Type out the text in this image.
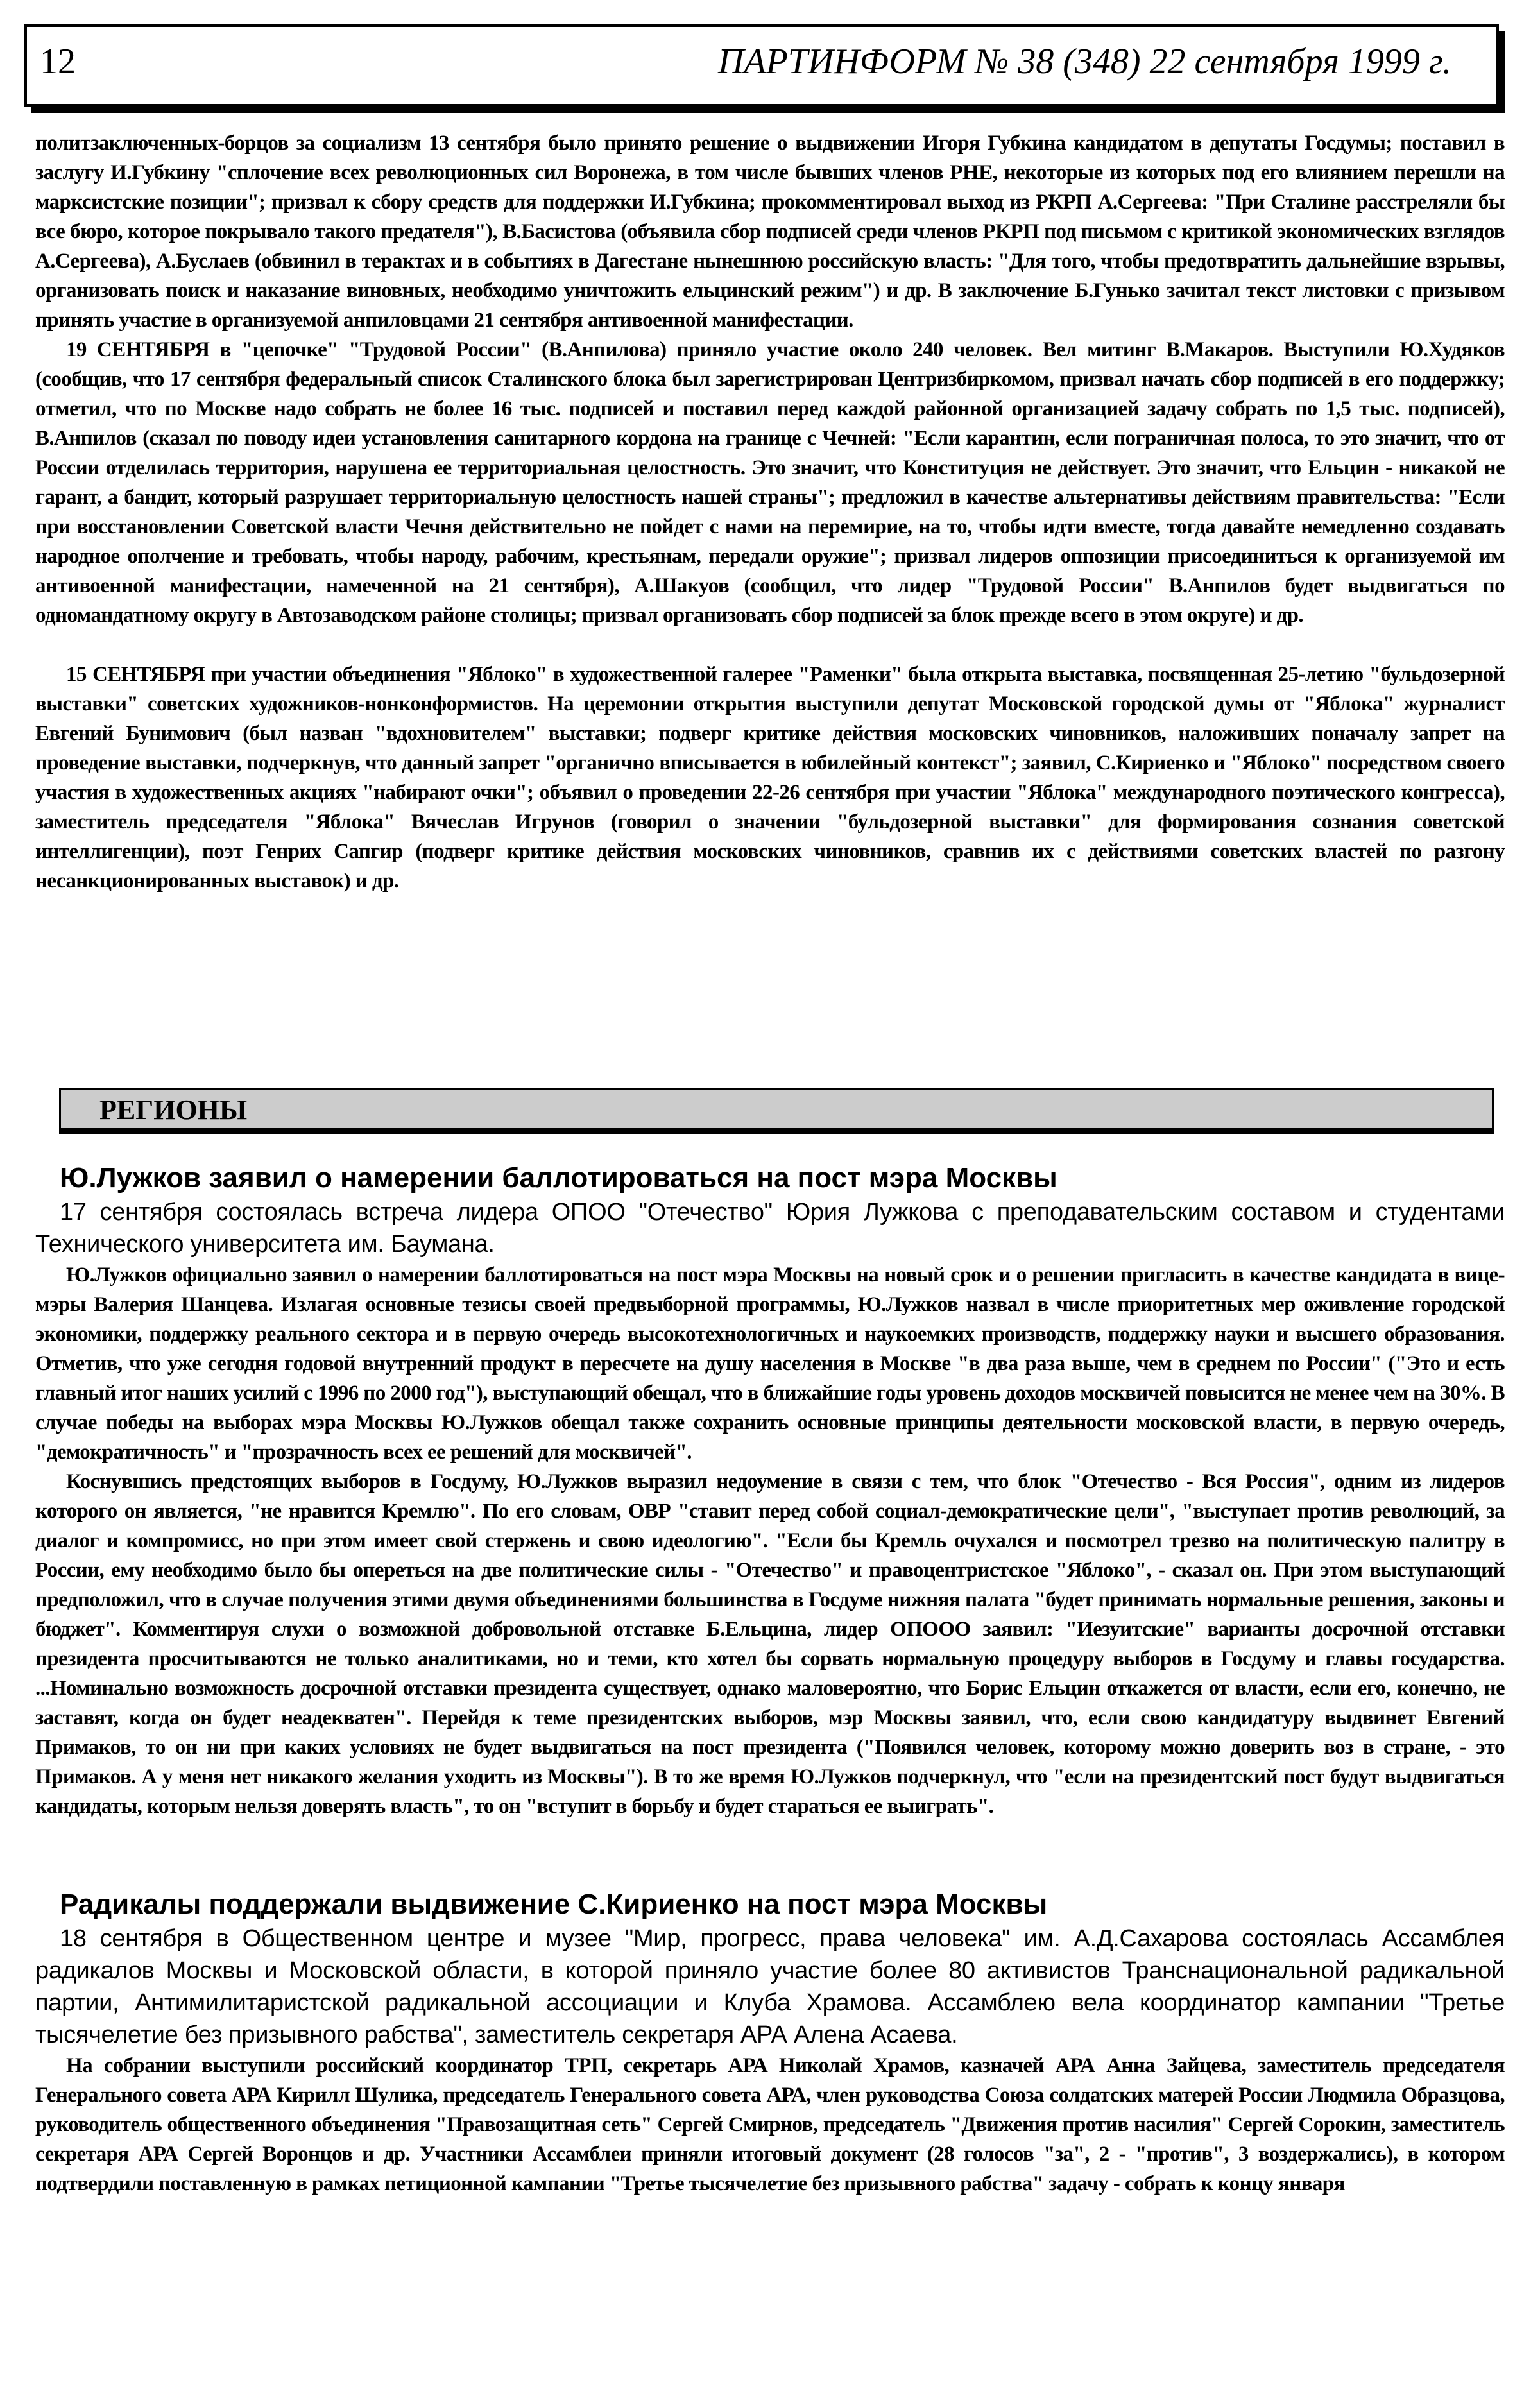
12	ПАРТИНФОРМ № 38 (348) 22 сентября 1999 г.

политзаключенных-борцов за социализм 13 сентября было принято решение о выдвижении Игоря Губкина кандидатом в депутаты Госдумы; поставил в заслугу И.Губкину "сплочение всех революционных сил Воронежа, в том числе бывших членов РНЕ, некоторые из которых под его влиянием перешли на марксистские позиции"; призвал к сбору средств для поддержки И.Губкина; прокомментировал выход из РКРП А.Сергеева: "При Сталине расстреляли бы все бюро, которое покрывало такого предателя"), В.Басистова (объявила сбор подписей среди членов РКРП под письмом с критикой экономических взглядов А.Сергеева), А.Буслаев (обвинил в терактах и в событиях в Дагестане нынешнюю российскую власть: "Для того, чтобы предотвратить дальнейшие взрывы, организовать поиск и наказание виновных, необходимо уничтожить ельцинский режим") и др. В заключение Б.Гунько зачитал текст листовки с призывом принять участие в организуемой анпиловцами 21 сентября антивоенной манифестации.

19 СЕНТЯБРЯ в "цепочке" "Трудовой России" (В.Анпилова) приняло участие около 240 человек. Вел митинг В.Макаров. Выступили Ю.Худяков (сообщив, что 17 сентября федеральный список Сталинского блока был зарегистрирован Центризбиркомом, призвал начать сбор подписей в его поддержку; отметил, что по Москве надо собрать не более 16 тыс. подписей и поставил перед каждой районной организацией задачу собрать по 1,5 тыс. подписей), В.Анпилов (сказал по поводу идеи установления санитарного кордона на границе с Чечней: "Если карантин, если пограничная полоса, то это значит, что от России отделилась территория, нарушена ее территориальная целостность. Это значит, что Конституция не действует. Это значит, что Ельцин - никакой не гарант, а бандит, который разрушает территориальную целостность нашей страны"; предложил в качестве альтернативы действиям правительства: "Если при восстановлении Советской власти Чечня действительно не пойдет с нами на перемирие, на то, чтобы идти вместе, тогда давайте немедленно создавать народное ополчение и требовать, чтобы народу, рабочим, крестьянам, передали оружие"; призвал лидеров оппозиции присоединиться к организуемой им антивоенной манифестации, намеченной на 21 сентября), А.Шакуов (сообщил, что лидер "Трудовой России" В.Анпилов будет выдвигаться по одномандатному округу в Автозаводском районе столицы; призвал организовать сбор подписей за блок прежде всего в этом округе) и др.

15 СЕНТЯБРЯ при участии объединения "Яблоко" в художественной галерее "Раменки" была открыта выставка, посвященная 25-летию "бульдозерной выставки" советских художников-нонконформистов. На церемонии открытия выступили депутат Московской городской думы от "Яблока" журналист Евгений Бунимович (был назван "вдохновителем" выставки; подверг критике действия московских чиновников, наложивших поначалу запрет на проведение выставки, подчеркнув, что данный запрет "органично вписывается в юбилейный контекст"; заявил, С.Кириенко и "Яблоко" посредством своего участия в художественных акциях "набирают очки"; объявил о проведении 22-26 сентября при участии "Яблока" международного поэтического конгресса), заместитель председателя "Яблока" Вячеслав Игрунов (говорил о значении "бульдозерной выставки" для формирования сознания советской интеллигенции), поэт Генрих Сапгир (подверг критике действия московских чиновников, сравнив их с действиями советских властей по разгону несанкционированных выставок) и др.

РЕГИОНЫ
Ю.Лужков заявил о намерении баллотироваться на пост мэра Москвы

17 сентября состоялась встреча лидера ОПОО "Отечество" Юрия Лужкова с преподавательским составом и студентами Технического университета им. Баумана.

Ю.Лужков официально заявил о намерении баллотироваться на пост мэра Москвы на новый срок и о решении пригласить в качестве кандидата в вице-мэры Валерия Шанцева. Излагая основные тезисы своей предвыборной программы, Ю.Лужков назвал в числе приоритетных мер оживление городской экономики, поддержку реального сектора и в первую очередь высокотехнологичных и наукоемких производств, поддержку науки и высшего образования. Отметив, что уже сегодня годовой внутренний продукт в пересчете на душу населения в Москве "в два раза выше, чем в среднем по России" ("Это и есть главный итог наших усилий с 1996 по 2000 год"), выступающий обещал, что в ближайшие годы уровень доходов москвичей повысится не менее чем на 30%. В случае победы на выборах мэра Москвы Ю.Лужков обещал также сохранить основные принципы деятельности московской власти, в первую очередь, "демократичность" и "прозрачность всех ее решений для москвичей".

Коснувшись предстоящих выборов в Госдуму, Ю.Лужков выразил недоумение в связи с тем, что блок "Отечество - Вся Россия", одним из лидеров которого он является, "не нравится Кремлю". По его словам, ОВР "ставит перед собой социал-демократические цели", "выступает против революций, за диалог и компромисс, но при этом имеет свой стержень и свою идеологию". "Если бы Кремль очухался и посмотрел трезво на политическую палитру в России, ему необходимо было бы опереться на две политические силы - "Отечество" и правоцентристское "Яблоко", - сказал он. При этом выступающий предположил, что в случае получения этими двумя объединениями большинства в Госдуме нижняя палата "будет принимать нормальные решения, законы и бюджет". Комментируя слухи о возможной добровольной отставке Б.Ельцина, лидер ОПООО заявил: "Иезуитские" варианты досрочной отставки президента просчитываются не только аналитиками, но и теми, кто хотел бы сорвать нормальную процедуру выборов в Госдуму и главы государства. ...Номинально возможность досрочной отставки президента существует, однако маловероятно, что Борис Ельцин откажется от власти, если его, конечно, не заставят, когда он будет неадекватен". Перейдя к теме президентских выборов, мэр Москвы заявил, что, если свою кандидатуру выдвинет Евгений Примаков, то он ни при каких условиях не будет выдвигаться на пост президента ("Появился человек, которому можно доверить воз в стране, - это Примаков. А у меня нет никакого желания уходить из Москвы"). В то же время Ю.Лужков подчеркнул, что "если на президентский пост будут выдвигаться кандидаты, которым нельзя доверять власть", то он "вступит в борьбу и будет стараться ее выиграть".

Радикалы поддержали выдвижение С.Кириенко на пост мэра Москвы

18 сентября в Общественном центре и музее "Мир, прогресс, права человека" им. А.Д.Сахарова состоялась Ассамблея радикалов Москвы и Московской области, в которой приняло участие более 80 активистов Транснациональной радикальной партии, Антимилитаристской радикальной ассоциации и Клуба Храмова. Ассамблею вела координатор кампании "Третье тысячелетие без призывного рабства", заместитель секретаря АРА Алена Асаева.

На собрании выступили российский координатор ТРП, секретарь АРА Николай Храмов, казначей АРА Анна Зайцева, заместитель председателя Генерального совета АРА Кирилл Шулика, председатель Генерального совета АРА, член руководства Союза солдатских матерей России Людмила Образцова, руководитель общественного объединения "Правозащитная сеть" Сергей Смирнов, председатель "Движения против насилия" Сергей Сорокин, заместитель секретаря АРА Сергей Воронцов и др. Участники Ассамблеи приняли итоговый документ (28 голосов "за", 2 - "против", 3 воздержались), в котором подтвердили поставленную в рамках петиционной кампании "Третье тысячелетие без призывного рабства" задачу - собрать к концу января
